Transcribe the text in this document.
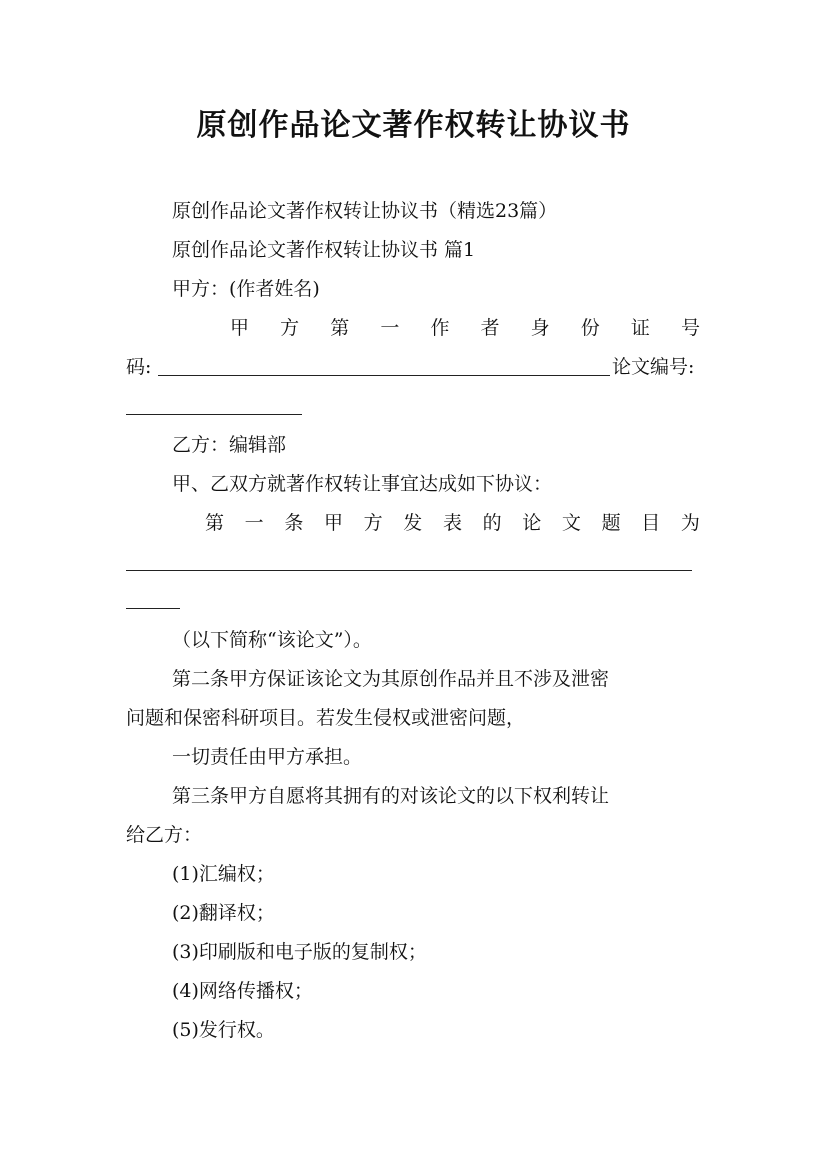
原创作品论文著作权转让协议书
原创作品论文著作权转让协议书（精选23篇）
原创作品论文著作权转让协议书 篇1
甲方：(作者姓名)
甲 方 第 一 作 者 身 份 证 号
码:	论文编号:
乙方：编辑部
甲、乙双方就著作权转让事宜达成如下协议：
第 一 条 甲 方 发 表 的 论 文 题 目 为
（以下简称“该论文”）。
第二条甲方保证该论文为其原创作品并且不涉及泄密
问题和保密科研项目。若发生侵权或泄密问题，
一切责任由甲方承担。
第三条甲方自愿将其拥有的对该论文的以下权利转让
给乙方：
(1)汇编权；
(2)翻译权；
(3)印刷版和电子版的复制权；
(4)网络传播权；
(5)发行权。
